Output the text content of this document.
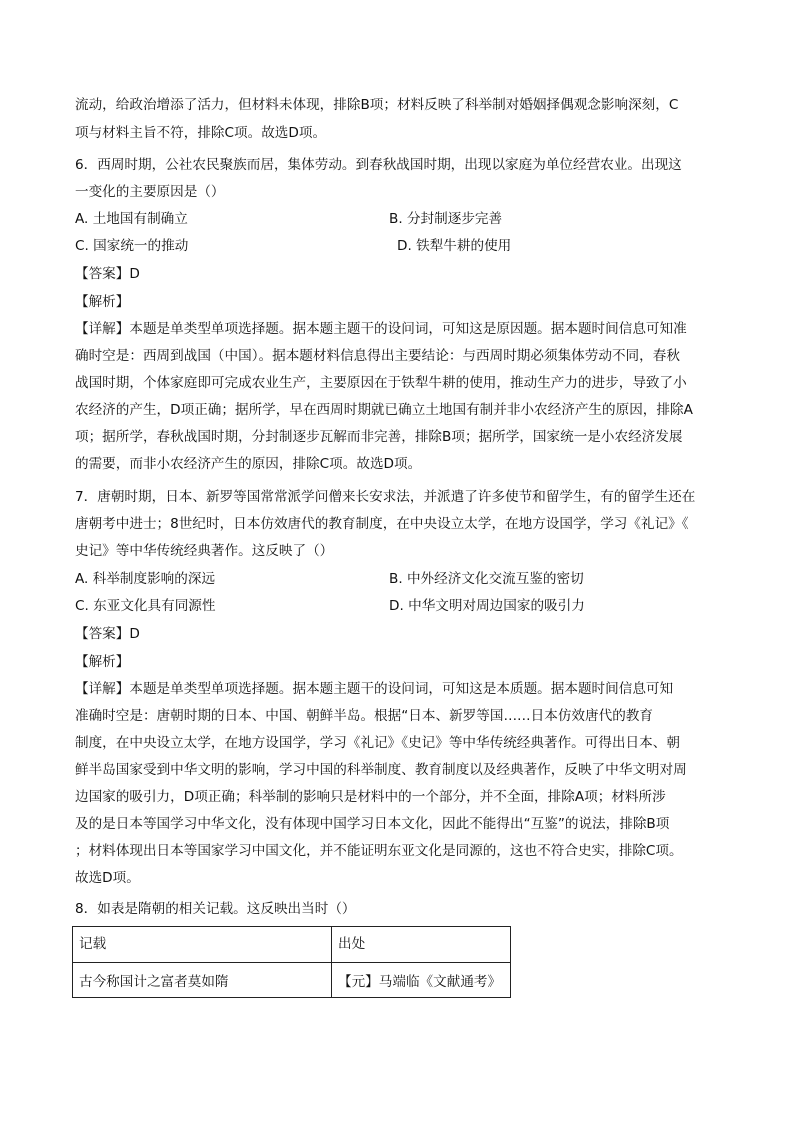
流动，给政治增添了活力，但材料未体现，排除B项；材料反映了科举制对婚姻择偶观念影响深刻，C
项与材料主旨不符，排除C项。故选D项。
6．西周时期，公社农民聚族而居，集体劳动。到春秋战国时期，出现以家庭为单位经营农业。出现这
一变化的主要原因是（）
A. 土地国有制确立	B. 分封制逐步完善
C. 国家统一的推动	D. 铁犁牛耕的使用
【答案】D
【解析】
【详解】本题是单类型单项选择题。据本题主题干的设问词，可知这是原因题。据本题时间信息可知准
确时空是：西周到战国（中国）。据本题材料信息得出主要结论：与西周时期必须集体劳动不同，春秋
战国时期，个体家庭即可完成农业生产，主要原因在于铁犁牛耕的使用，推动生产力的进步，导致了小
农经济的产生，D项正确；据所学，早在西周时期就已确立土地国有制并非小农经济产生的原因，排除A
项；据所学，春秋战国时期，分封制逐步瓦解而非完善，排除B项；据所学，国家统一是小农经济发展
的需要，而非小农经济产生的原因，排除C项。故选D项。
7．唐朝时期，日本、新罗等国常常派学问僧来长安求法，并派遣了许多使节和留学生，有的留学生还在
唐朝考中进士；8世纪时，日本仿效唐代的教育制度，在中央设立太学，在地方设国学，学习《礼记》《
史记》等中华传统经典著作。这反映了（）
A. 科举制度影响的深远	B. 中外经济文化交流互鉴的密切
C. 东亚文化具有同源性	D. 中华文明对周边国家的吸引力
【答案】D
【解析】
【详解】本题是单类型单项选择题。据本题主题干的设问词，可知这是本质题。据本题时间信息可知
准确时空是：唐朝时期的日本、中国、朝鲜半岛。根据“日本、新罗等国……日本仿效唐代的教育
制度，在中央设立太学，在地方设国学，学习《礼记》《史记》等中华传统经典著作。可得出日本、朝
鲜半岛国家受到中华文明的影响，学习中国的科举制度、教育制度以及经典著作，反映了中华文明对周
边国家的吸引力，D项正确；科举制的影响只是材料中的一个部分，并不全面，排除A项；材料所涉
及的是日本等国学习中华文化，没有体现中国学习日本文化，因此不能得出“互鉴”的说法，排除B项
；材料体现出日本等国家学习中国文化，并不能证明东亚文化是同源的，这也不符合史实，排除C项。
故选D项。
8．如表是隋朝的相关记载。这反映出当时（）
记载	出处
古今称国计之富者莫如隋	【元】马端临《文献通考》
